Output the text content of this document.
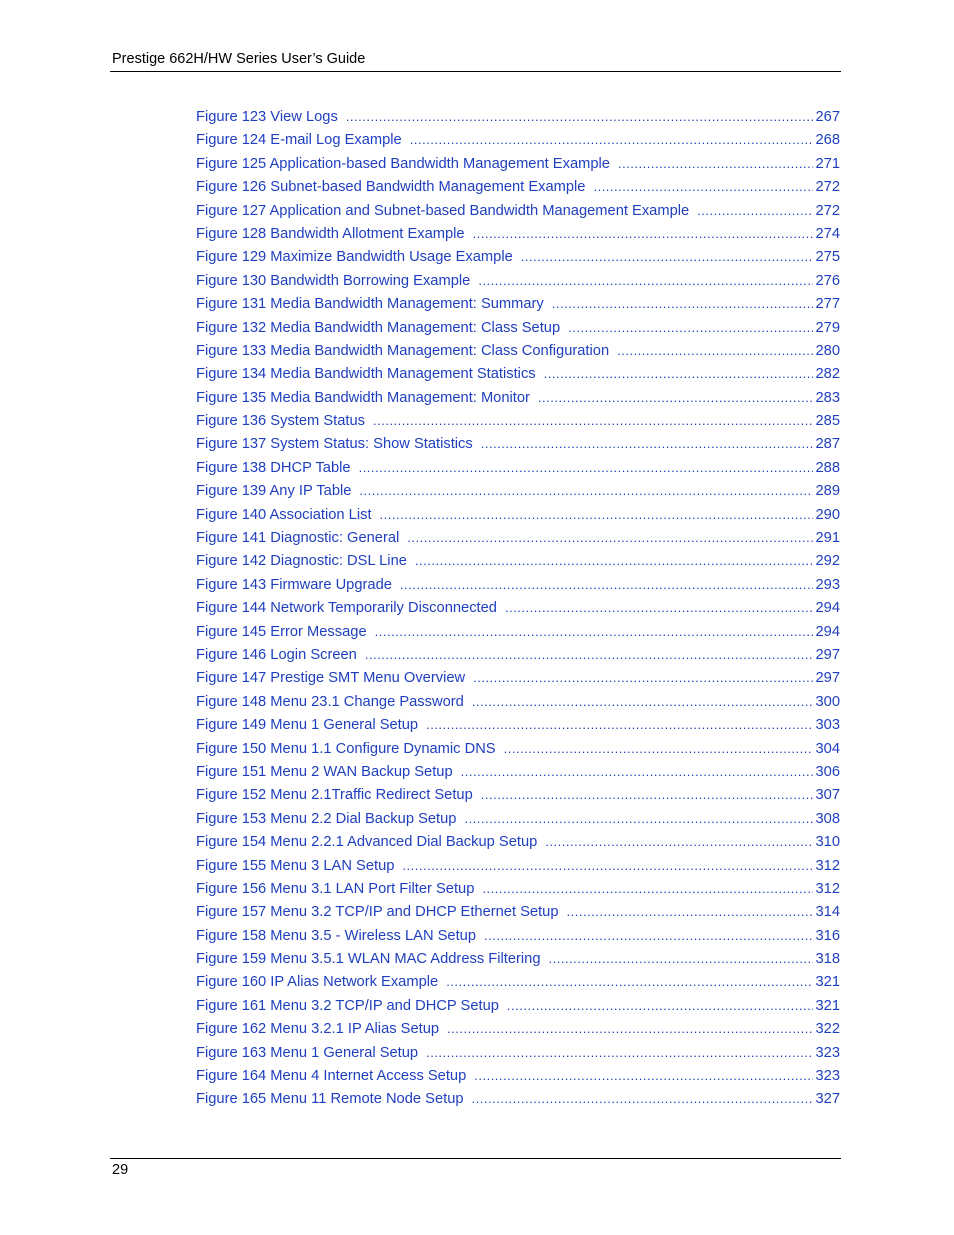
Prestige 662H/HW Series User’s Guide
Figure 123 View Logs .....	267
Figure 124 E-mail Log Example .....	268
Figure 125 Application-based Bandwidth Management Example .....	271
Figure 126 Subnet-based Bandwidth Management Example .....	272
Figure 127 Application and Subnet-based Bandwidth Management Example .....	272
Figure 128 Bandwidth Allotment Example .....	274
Figure 129 Maximize Bandwidth Usage Example .....	275
Figure 130 Bandwidth Borrowing Example .....	276
Figure 131 Media Bandwidth Management: Summary .....	277
Figure 132 Media Bandwidth Management: Class Setup .....	279
Figure 133 Media Bandwidth Management: Class Configuration .....	280
Figure 134 Media Bandwidth Management Statistics .....	282
Figure 135 Media Bandwidth Management: Monitor .....	283
Figure 136 System Status .....	285
Figure 137 System Status: Show Statistics .....	287
Figure 138 DHCP Table .....	288
Figure 139 Any IP Table .....	289
Figure 140 Association List .....	290
Figure 141 Diagnostic: General .....	291
Figure 142 Diagnostic: DSL Line .....	292
Figure 143 Firmware Upgrade .....	293
Figure 144 Network Temporarily Disconnected .....	294
Figure 145 Error Message .....	294
Figure 146 Login Screen .....	297
Figure 147 Prestige SMT Menu Overview .....	297
Figure 148 Menu 23.1 Change Password .....	300
Figure 149 Menu 1 General Setup .....	303
Figure 150 Menu 1.1 Configure Dynamic DNS .....	304
Figure 151 Menu 2 WAN Backup Setup .....	306
Figure 152 Menu 2.1Traffic Redirect Setup .....	307
Figure 153 Menu 2.2 Dial Backup Setup .....	308
Figure 154 Menu 2.2.1 Advanced Dial Backup Setup .....	310
Figure 155 Menu 3 LAN Setup .....	312
Figure 156 Menu 3.1 LAN Port Filter Setup .....	312
Figure 157 Menu 3.2 TCP/IP and DHCP Ethernet Setup .....	314
Figure 158 Menu 3.5 - Wireless LAN Setup .....	316
Figure 159 Menu 3.5.1 WLAN MAC Address Filtering .....	318
Figure 160 IP Alias Network Example .....	321
Figure 161 Menu 3.2 TCP/IP and DHCP Setup .....	321
Figure 162 Menu 3.2.1 IP Alias Setup .....	322
Figure 163 Menu 1 General Setup .....	323
Figure 164 Menu 4 Internet Access Setup .....	323
Figure 165 Menu 11 Remote Node Setup .....	327
29
